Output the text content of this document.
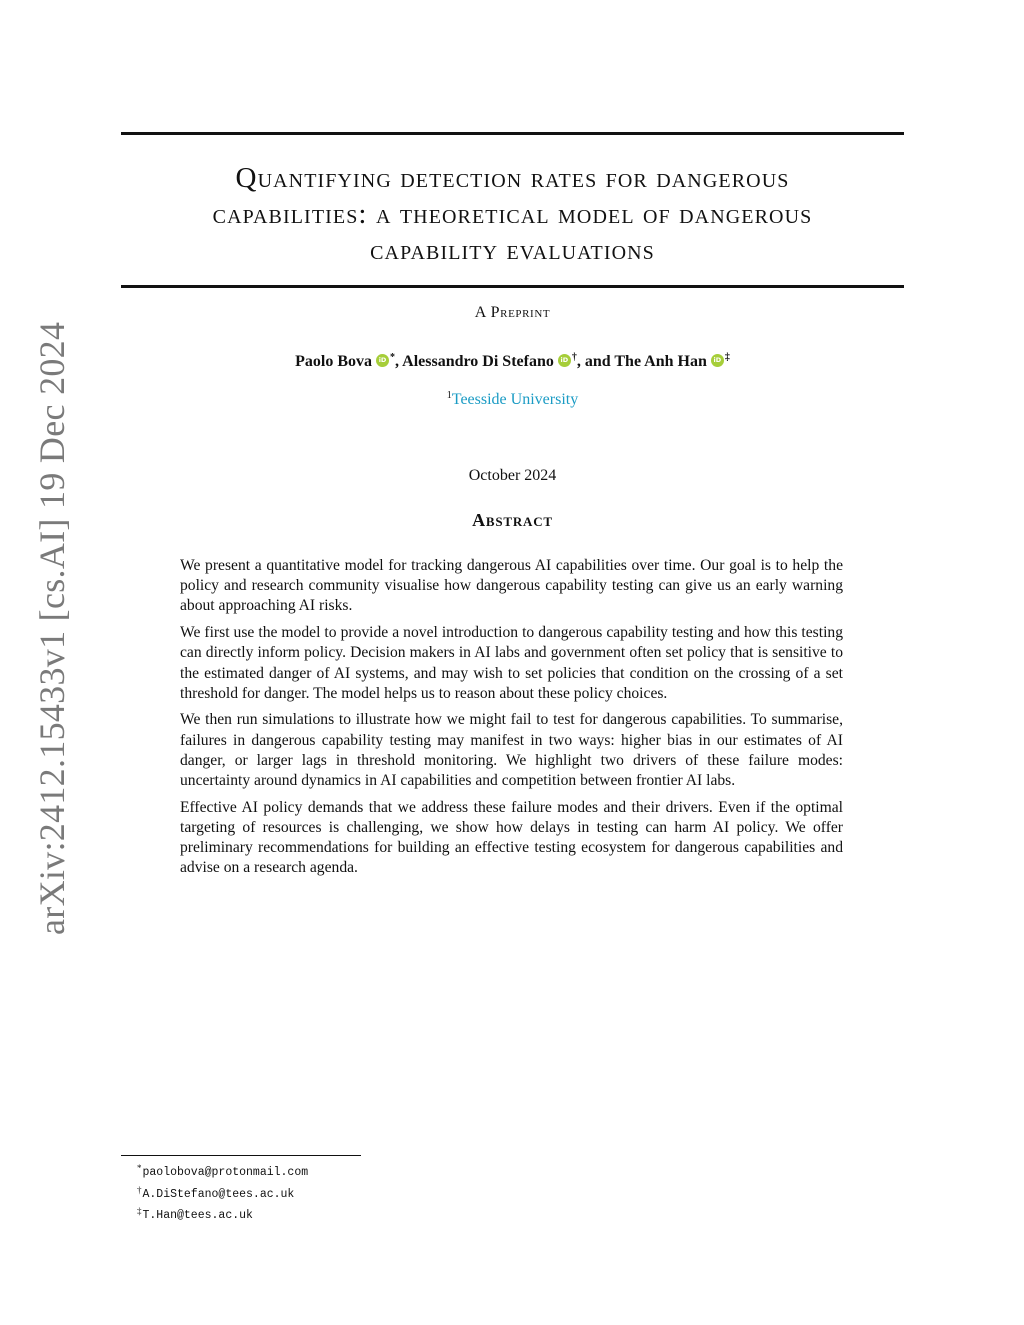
arXiv:2412.15433v1 [cs.AI] 19 Dec 2024
Quantifying detection rates for dangerous
capabilities: a theoretical model of dangerous
capability evaluations
A Preprint
Paolo Bova iD *, Alessandro Di Stefano iD †, and The Anh Han iD ‡
$^1$Teesside University
October 2024
Abstract

We present a quantitative model for tracking dangerous AI capabilities over time. Our goal is to help the policy and research community visualise how dangerous capability testing can give us an early warning about approaching AI risks.

We first use the model to provide a novel introduction to dangerous capability testing and how this testing can directly inform policy. Decision makers in AI labs and government often set policy that is sensitive to the estimated danger of AI systems, and may wish to set policies that condition on the crossing of a set threshold for danger. The model helps us to reason about these policy choices.

We then run simulations to illustrate how we might fail to test for dangerous capabilities. To summarise, failures in dangerous capability testing may manifest in two ways: higher bias in our estimates of AI danger, or larger lags in threshold monitoring. We highlight two drivers of these failure modes: uncertainty around dynamics in AI capabilities and competition between frontier AI labs.

Effective AI policy demands that we address these failure modes and their drivers. Even if the optimal targeting of resources is challenging, we show how delays in testing can harm AI policy. We offer preliminary recommendations for building an effective testing ecosystem for dangerous capabilities and advise on a research agenda.

*paolobova@protonmail.com
†A.DiStefano@tees.ac.uk
‡T.Han@tees.ac.uk
